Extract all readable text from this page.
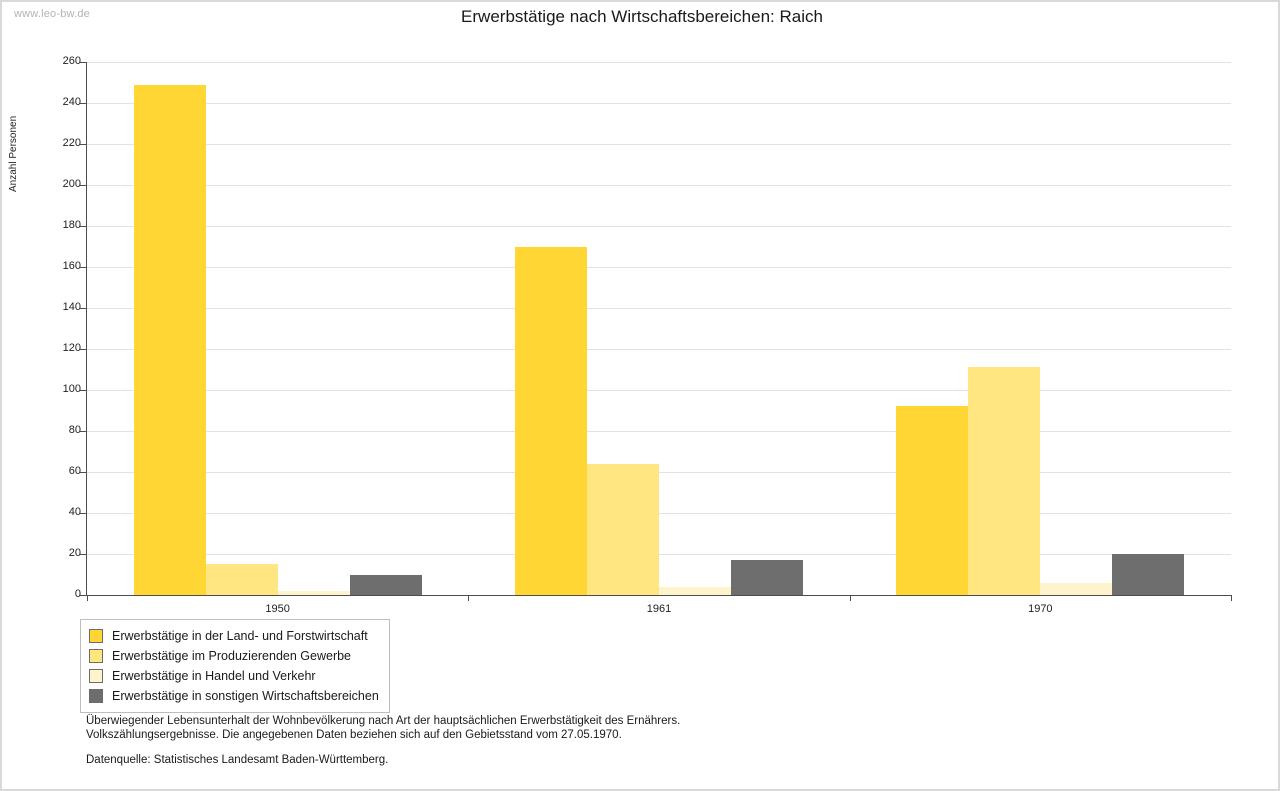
www.leo-bw.de	Erwerbstätige nach Wirtschaftsbereichen: Raich
Anzahl Personen
0
20
40
60
80
100
120
140
160
180
200
220
240
260
1950	1961	1970
Erwerbstätige in der Land- und Forstwirtschaft
Erwerbstätige im Produzierenden Gewerbe
Erwerbstätige in Handel und Verkehr
Erwerbstätige in sonstigen Wirtschaftsbereichen
Überwiegender Lebensunterhalt der Wohnbevölkerung nach Art der hauptsächlichen Erwerbstätigkeit des Ernährers.
Volkszählungsergebnisse. Die angegebenen Daten beziehen sich auf den Gebietsstand vom 27.05.1970.
Datenquelle: Statistisches Landesamt Baden-Württemberg.
